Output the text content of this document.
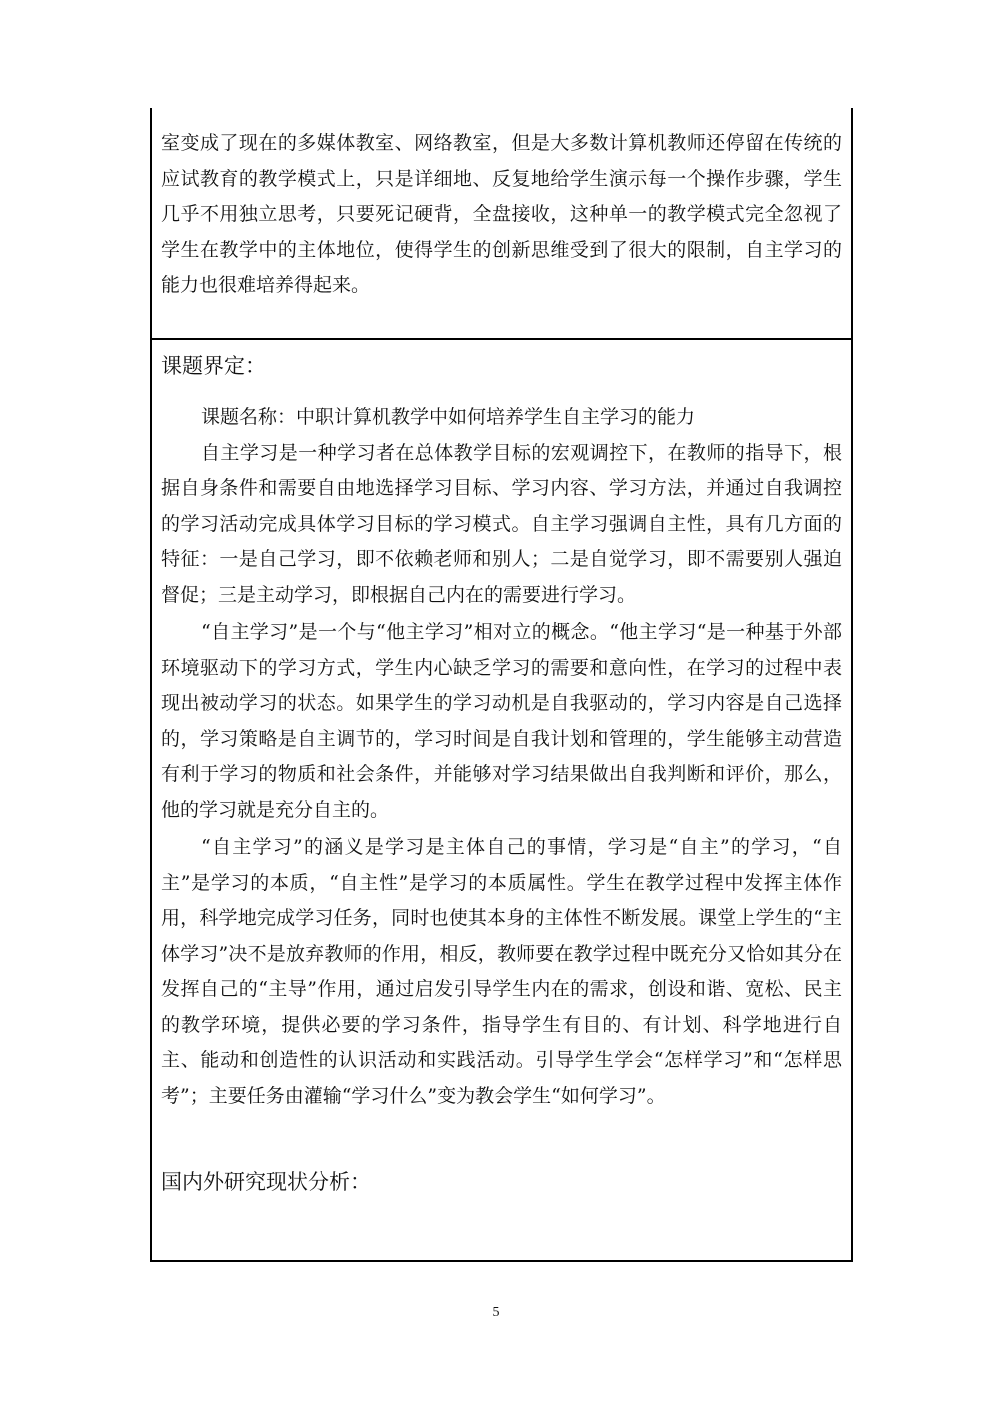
室变成了现在的多媒体教室、网络教室，但是大多数计算机教师还停留在传统的应试教育的教学模式上，只是详细地、反复地给学生演示每一个操作步骤，学生几乎不用独立思考，只要死记硬背，全盘接收，这种单一的教学模式完全忽视了学生在教学中的主体地位，使得学生的创新思维受到了很大的限制，自主学习的能力也很难培养得起来。

课题界定：

课题名称：中职计算机教学中如何培养学生自主学习的能力

自主学习是一种学习者在总体教学目标的宏观调控下，在教师的指导下，根据自身条件和需要自由地选择学习目标、学习内容、学习方法，并通过自我调控的学习活动完成具体学习目标的学习模式。自主学习强调自主性，具有几方面的特征：一是自己学习，即不依赖老师和别人；二是自觉学习，即不需要别人强迫督促；三是主动学习，即根据自己内在的需要进行学习。

“自主学习”是一个与“他主学习”相对立的概念。“他主学习“是一种基于外部环境驱动下的学习方式，学生内心缺乏学习的需要和意向性，在学习的过程中表现出被动学习的状态。如果学生的学习动机是自我驱动的，学习内容是自己选择的，学习策略是自主调节的，学习时间是自我计划和管理的，学生能够主动营造有利于学习的物质和社会条件，并能够对学习结果做出自我判断和评价，那么，他的学习就是充分自主的。

“自主学习”的涵义是学习是主体自己的事情，学习是“自主”的学习，“自主”是学习的本质，“自主性”是学习的本质属性。学生在教学过程中发挥主体作用，科学地完成学习任务，同时也使其本身的主体性不断发展。课堂上学生的“主体学习”决不是放弃教师的作用，相反，教师要在教学过程中既充分又恰如其分在发挥自己的“主导”作用，通过启发引导学生内在的需求，创设和谐、宽松、民主的教学环境，提供必要的学习条件，指导学生有目的、有计划、科学地进行自主、能动和创造性的认识活动和实践活动。引导学生学会“怎样学习”和“怎样思考”；主要任务由灌输“学习什么”变为教会学生“如何学习”。

国内外研究现状分析：

5
